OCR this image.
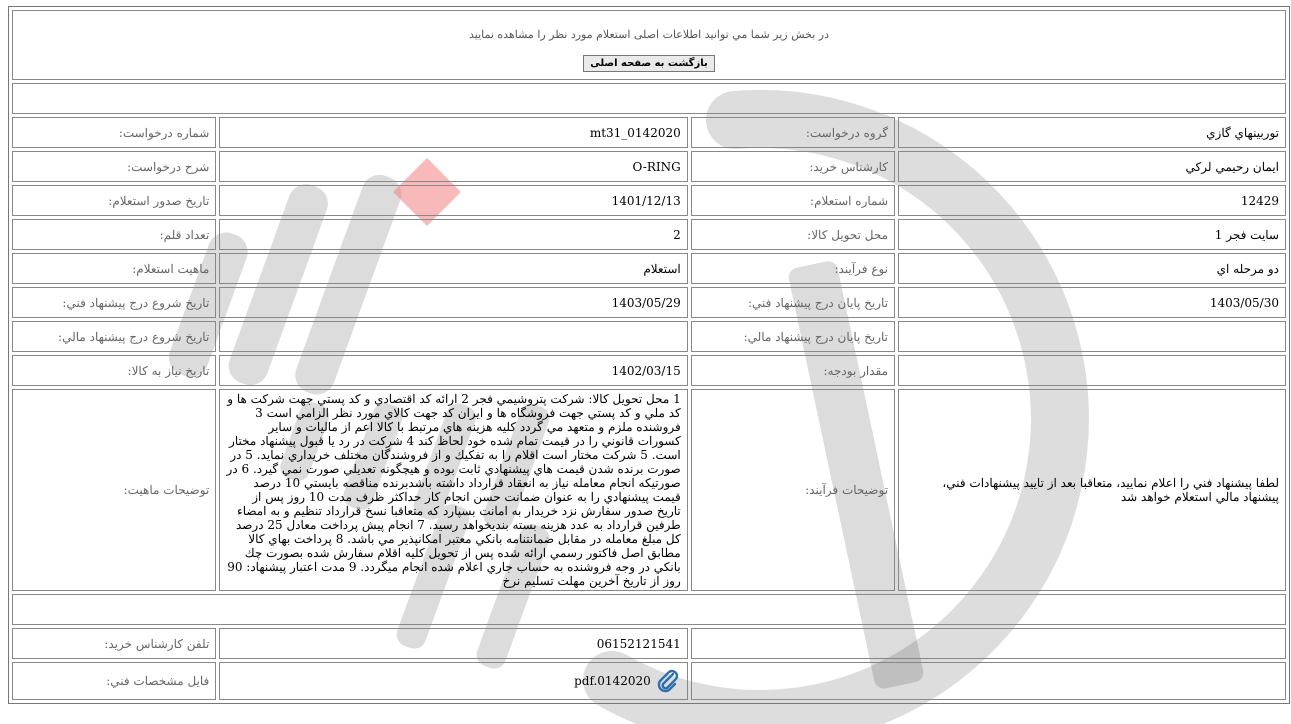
در بخش زير شما مي توانيد اطلاعات اصلی استعلام مورد نظر را مشاهده نماييد
بازگشت به صفحه اصلی			

شماره درخواست:	mt31_0142020	گروه درخواست:	توربينهاي گازي
شرح درخواست:	O-RING	كارشناس خريد:	ايمان رحيمي لركي
تاريخ صدور استعلام:	1401/12/13	شماره استعلام:	12429
تعداد قلم:	2	محل تحويل كالا:	سايت فجر 1
ماهيت استعلام:	استعلام	نوع فرآيند:	دو مرحله اي
تاريخ شروع درج پيشنهاد فني:	1403/05/29	تاريخ پايان درج پيشنهاد فني:	1403/05/30
تاريخ شروع درج پيشنهاد مالي:		تاريخ پايان درج پيشنهاد مالي:	
تاريخ نياز به كالا:	1402/03/15	مقدار بودجه:	
توضيحات ماهيت:	1 محل تحويل كالا: شركت پتروشيمي فجر 2 ارائه كد اقتصادي و كد پستي جهت شركت ها و كد ملي و كد پستي جهت فروشگاه ها و ايران كد جهت كالاي مورد نظر الزامي است 3 فروشنده ملزم و متعهد مي گردد كليه هزينه هاي مرتبط با كالا اعم از ماليات و ساير كسورات قانوني را در قيمت تمام شده خود لحاظ كند 4 شركت در رد يا قبول پيشنهاد مختار است. 5 شركت مختار است اقلام را به تفكيك و از فروشندگان مختلف خريداري نمايد. 5 در صورت برنده شدن قيمت هاي پيشنهادي ثابت بوده و هيچگونه تعديلي صورت نمي گيرد. 6 در صورتيكه انجام معامله نياز به انعقاد قرارداد داشته باشدبرنده مناقصه بايستي 10 درصد قيمت پيشنهادي را به عنوان ضمانت حسن انجام كار حداكثر ظرف مدت 10 روز پس از تاريخ صدور سفارش نزد خريدار به امانت بسپارد كه متعاقبا نسخ قرارداد تنظيم و به امضاء طرفين قرارداد به عدد هزينه بسته بندیخواهد رسيد. 7 انجام پيش پرداخت معادل 25 درصد كل مبلغ معامله در مقابل ضمانتنامه بانكي معتبر امكانپذير مي باشد. 8 پرداخت بهاي كالا مطابق اصل فاكتور رسمي ارائه شده پس از تحويل كليه اقلام سفارش شده بصورت چك بانكي در وجه فروشنده به حساب جاري اعلام شده انجام ميگردد. 9 مدت اعتبار پيشنهاد: 90 روز از تاريخ آخرين مهلت تسليم نرخ	توضيحات فرآيند:	لطفا پيشنهاد فني را اعلام نماييد، متعاقبا بعد از تاييد پيشنهادات فني، پيشنهاد مالي استعلام خواهد شد

تلفن كارشناس خريد:	06152121541		
فايل مشخصات فني:	pdf.0142020		
